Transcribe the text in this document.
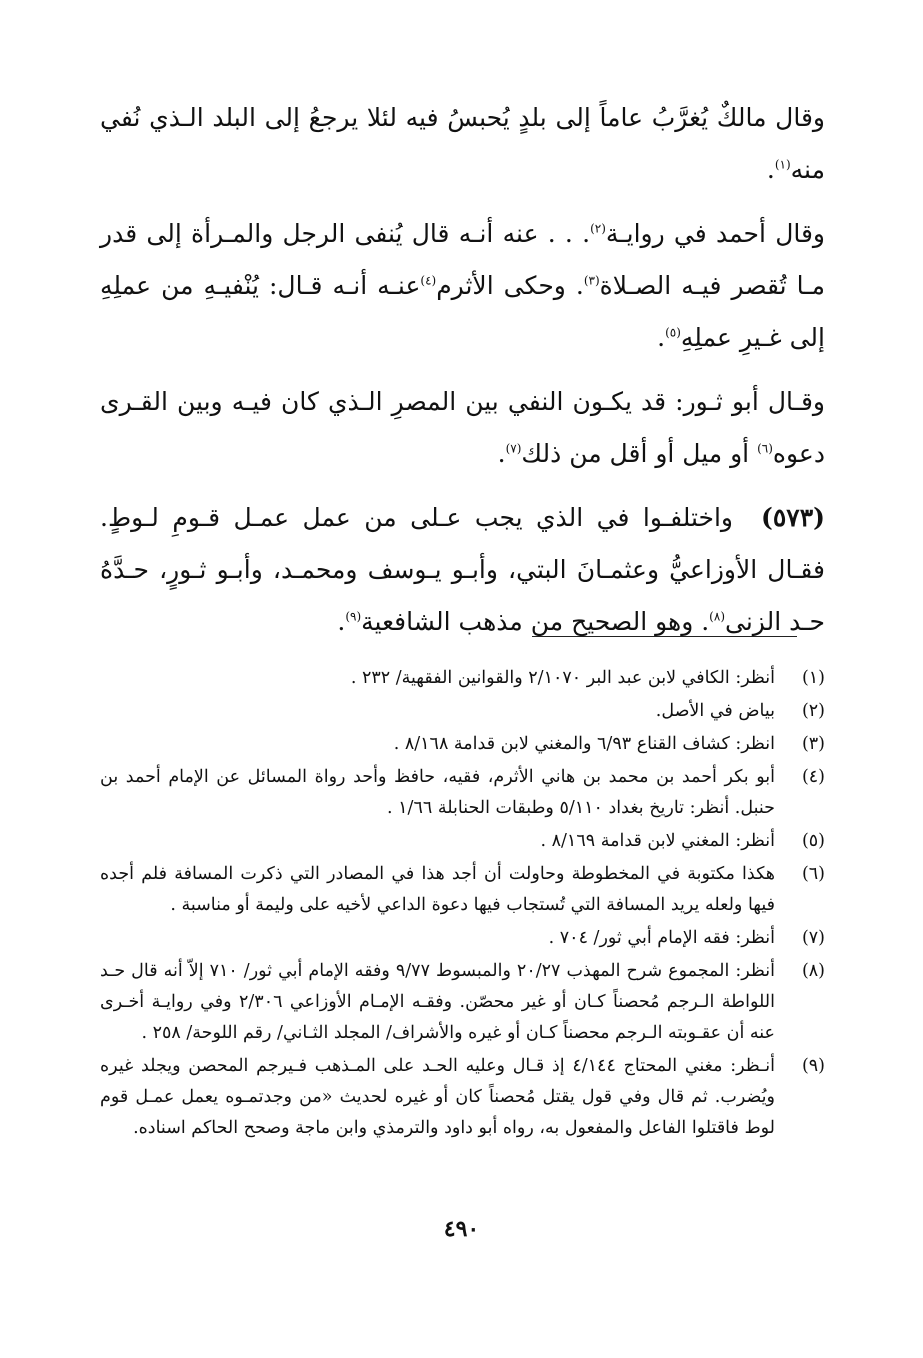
وقال مالكٌ يُغرَّبُ عاماً إلى بلدٍ يُحبسُ فيه لئلا يرجعُ إلى البلد الـذي نُفي منه$^{(١)}$.

وقال أحمد في روايـة$^{(٢)}$. . . عنه أنـه قال يُنفى الرجل والمـرأة إلى قدر مـا تُقصر فيـه الصـلاة$^{(٣)}$. وحكى الأثرم$^{(٤)}$عنـه أنـه قـال: يُنْفيـهِ من عملِهِ إلى غـيرِ عملِهِ$^{(٥)}$.

وقـال أبو ثـور: قد يكـون النفي بين المصرِ الـذي كان فيـه وبين القـرى دعوه$^{(٦)}$ أو ميل أو أقل من ذلك$^{(٧)}$.

(٥٧٣)واختلفـوا في الذي يجب عـلى من عمل عمـل قـومِ لـوطٍ. فقـال الأوزاعيُّ وعثمـانَ البتي، وأبـو يـوسف ومحمـد، وأبـو ثـورٍ، حـدَّهُ حـد الزنى$^{(٨)}$. وهو الصحيح من مذهب الشافعية$^{(٩)}$.

(١)
أنظر: الكافي لابن عبد البر ٢/١٠٧٠ والقوانين الفقهية/ ٢٣٢ .
(٢)
بياض في الأصل.
(٣)
انظر: كشاف القناع ٦/٩٣ والمغني لابن قدامة ٨/١٦٨ .
(٤)
أبو بكر أحمد بن محمد بن هاني الأثرم، فقيه، حافظ وأحد رواة المسائل عن الإمام أحمد بن حنبل. أنظر: تاريخ بغداد ٥/١١٠ وطبقات الحنابلة ١/٦٦ .
(٥)
أنظر: المغني لابن قدامة ٨/١٦٩ .
(٦)
هكذا مكتوبة في المخطوطة وحاولت أن أجد هذا في المصادر التي ذكرت المسافة فلم أجده فيها ولعله يريد المسافة التي تُستجاب فيها دعوة الداعي لأخيه على وليمة أو مناسبة .
(٧)
أنظر: فقه الإمام أبي ثور/ ٧٠٤ .
(٨)
أنظر: المجموع شرح المهذب ٢٠/٢٧ والمبسوط ٩/٧٧ وفقه الإمام أبي ثور/ ٧١٠ إلاّ أنه قال حـد اللواطة الـرجم مُحصناً كـان أو غير محصّن. وفقـه الإمـام الأوزاعي ٢/٣٠٦ وفي روايـة أخـرى عنه أن عقـوبته الـرجم محصناً كـان أو غيره والأشراف/ المجلد الثـاني/ رقم اللوحة/ ٢٥٨ .
(٩)
أنـظر: مغني المحتاج ٤/١٤٤ إذ قـال وعليه الحـد على المـذهب فـيرجم المحصن ويجلد غيره ويُضرب. ثم قال وفي قول يقتل مُحصناً كان أو غيره لحديث «من وجدتمـوه يعمل عمـل قوم لوط فاقتلوا الفاعل والمفعول به، رواه أبو داود والترمذي وابن ماجة وصحح الحاكم اسناده.
٤٩٠
